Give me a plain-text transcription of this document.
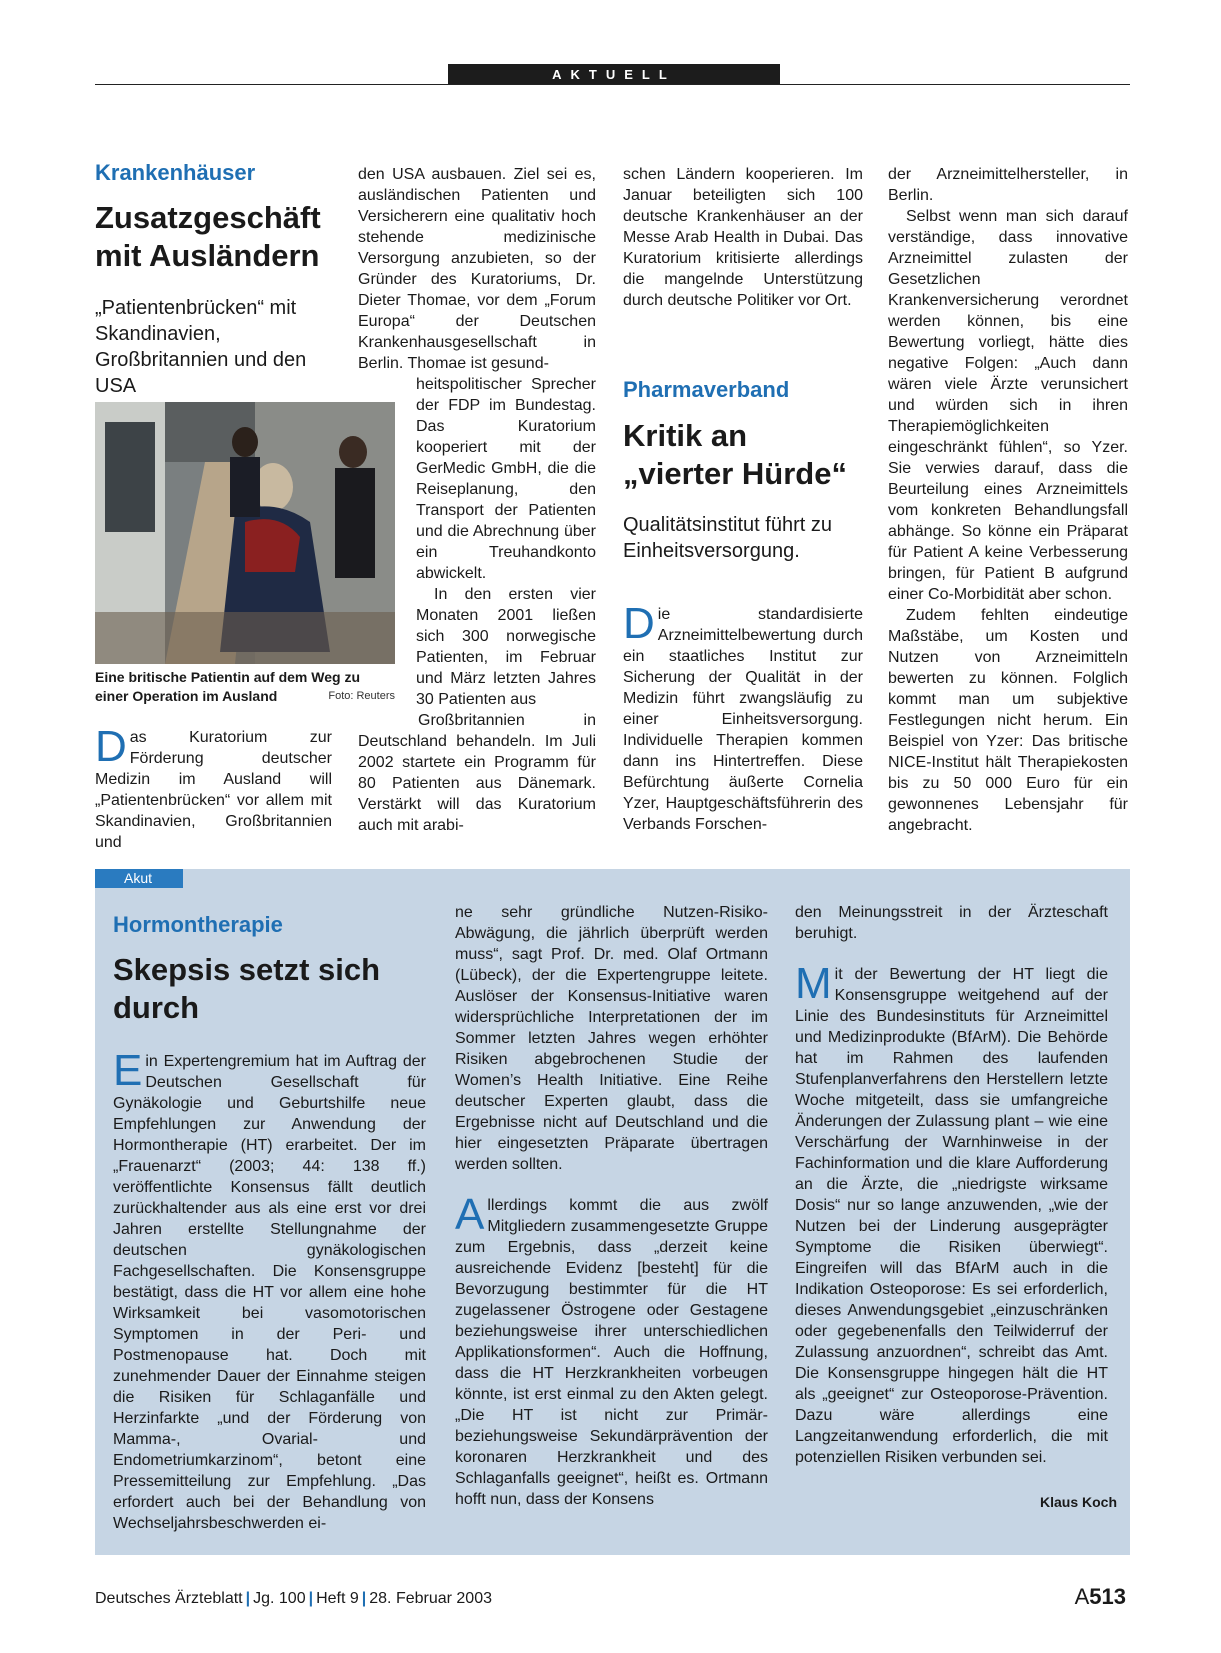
AKTUELL
Krankenhäuser
Zusatzgeschäft
mit Ausländern
„Patientenbrücken“ mit Skandinavien, Großbritannien und den USA
Eine britische Patientin auf dem Weg zu einer Operation im Ausland	Foto: Reuters

Das Kuratorium zur Förderung deutscher Medizin im Ausland will „Patientenbrücken“ vor allem mit Skandinavien, Großbritannien und

den USA ausbauen. Ziel sei es, ausländischen Patienten und Versicherern eine qualitativ hoch stehende medizinische Versorgung anzubieten, so der Gründer des Kuratoriums, Dr. Dieter Thomae, vor dem „Forum Europa“ der Deutschen Krankenhausgesellschaft in Berlin. Thomae ist gesund-

heitspolitischer Sprecher der FDP im Bundestag. Das Kuratorium kooperiert mit der GerMedic GmbH, die die Reiseplanung, den Transport der Patienten und die Abrechnung über ein Treuhandkonto abwickelt.

In den ersten vier Monaten 2001 ließen sich 300 norwegische Patienten, im Februar und März letzten Jahres 30 Patienten aus

Großbritannien in Deutschland behandeln. Im Juli 2002 startete ein Programm für 80 Patienten aus Dänemark. Verstärkt will das Kuratorium auch mit arabi-

schen Ländern kooperieren. Im Januar beteiligten sich 100 deutsche Krankenhäuser an der Messe Arab Health in Dubai. Das Kuratorium kritisierte allerdings die mangelnde Unterstützung durch deutsche Politiker vor Ort.

Pharmaverband
Kritik an
„vierter Hürde“
Qualitätsinstitut führt zu Einheitsversorgung.

Die standardisierte Arzneimittelbewertung durch ein staatliches Institut zur Sicherung der Qualität in der Medizin führt zwangsläufig zu einer Einheitsversorgung. Individuelle Therapien kommen dann ins Hintertreffen. Diese Befürchtung äußerte Cornelia Yzer, Hauptgeschäftsführerin des Verbands Forschen-

der Arzneimittelhersteller, in Berlin.

Selbst wenn man sich darauf verständige, dass innovative Arzneimittel zulasten der Gesetzlichen Krankenversicherung verordnet werden können, bis eine Bewertung vorliegt, hätte dies negative Folgen: „Auch dann wären viele Ärzte verunsichert und würden sich in ihren Therapiemöglichkeiten eingeschränkt fühlen“, so Yzer. Sie verwies darauf, dass die Beurteilung eines Arzneimittels vom konkreten Behandlungsfall abhänge. So könne ein Präparat für Patient A keine Verbesserung bringen, für Patient B aufgrund einer Co-Morbidität aber schon.

Zudem fehlten eindeutige Maßstäbe, um Kosten und Nutzen von Arzneimitteln bewerten zu können. Folglich kommt man um subjektive Festlegungen nicht herum. Ein Beispiel von Yzer: Das britische NICE-Institut hält Therapiekosten bis zu 50 000 Euro für ein gewonnenes Lebensjahr für angebracht.

Akut
Hormontherapie
Skepsis setzt sich
durch

Ein Expertengremium hat im Auftrag der Deutschen Gesellschaft für Gynäkologie und Geburtshilfe neue Empfehlungen zur Anwendung der Hormontherapie (HT) erarbeitet. Der im „Frauenarzt“ (2003; 44: 138 ff.) veröffentlichte Konsensus fällt deutlich zurückhaltender aus als eine erst vor drei Jahren erstellte Stellungnahme der deutschen gynäkologischen Fachgesellschaften. Die Konsensgruppe bestätigt, dass die HT vor allem eine hohe Wirksamkeit bei vasomotorischen Symptomen in der Peri- und Postmenopause hat. Doch mit zunehmender Dauer der Einnahme steigen die Risiken für Schlaganfälle und Herzinfarkte „und der Förderung von Mamma-, Ovarial- und Endometriumkarzinom“, betont eine Pressemitteilung zur Empfehlung. „Das erfordert auch bei der Behandlung von Wechseljahrsbeschwerden ei-

ne sehr gründliche Nutzen-Risiko-Abwägung, die jährlich überprüft werden muss“, sagt Prof. Dr. med. Olaf Ortmann (Lübeck), der die Expertengruppe leitete. Auslöser der Konsensus-Initiative waren widersprüchliche Interpretationen der im Sommer letzten Jahres wegen erhöhter Risiken abgebrochenen Studie der Women’s Health Initiative. Eine Reihe deutscher Experten glaubt, dass die Ergebnisse nicht auf Deutschland und die hier eingesetzten Präparate übertragen werden sollten.

Allerdings kommt die aus zwölf Mitgliedern zusammengesetzte Gruppe zum Ergebnis, dass „derzeit keine ausreichende Evidenz [besteht] für die Bevorzugung bestimmter für die HT zugelassener Östrogene oder Gestagene beziehungsweise ihrer unterschiedlichen Applikationsformen“. Auch die Hoffnung, dass die HT Herzkrankheiten vorbeugen könnte, ist erst einmal zu den Akten gelegt. „Die HT ist nicht zur Primär- beziehungsweise Sekundärprävention der koronaren Herzkrankheit und des Schlaganfalls geeignet“, heißt es. Ortmann hofft nun, dass der Konsens

den Meinungsstreit in der Ärzteschaft beruhigt.

Mit der Bewertung der HT liegt die Konsensgruppe weitgehend auf der Linie des Bundesinstituts für Arzneimittel und Medizinprodukte (BfArM). Die Behörde hat im Rahmen des laufenden Stufenplanverfahrens den Herstellern letzte Woche mitgeteilt, dass sie umfangreiche Änderungen der Zulassung plant – wie eine Verschärfung der Warnhinweise in der Fachinformation und die klare Aufforderung an die Ärzte, die „niedrigste wirksame Dosis“ nur so lange anzuwenden, „wie der Nutzen bei der Linderung ausgeprägter Symptome die Risiken überwiegt“. Eingreifen will das BfArM auch in die Indikation Osteoporose: Es sei erforderlich, dieses Anwendungsgebiet „einzuschränken oder gegebenenfalls den Teilwiderruf der Zulassung anzuordnen“, schreibt das Amt. Die Konsensgruppe hingegen hält die HT als „geeignet“ zur Osteoporose-Prävention. Dazu wäre allerdings eine Langzeitanwendung erforderlich, die mit potenziellen Risiken verbunden sei.

Klaus Koch
Deutsches Ärzteblatt | Jg. 100 | Heft 9 | 28. Februar 2003	A513
